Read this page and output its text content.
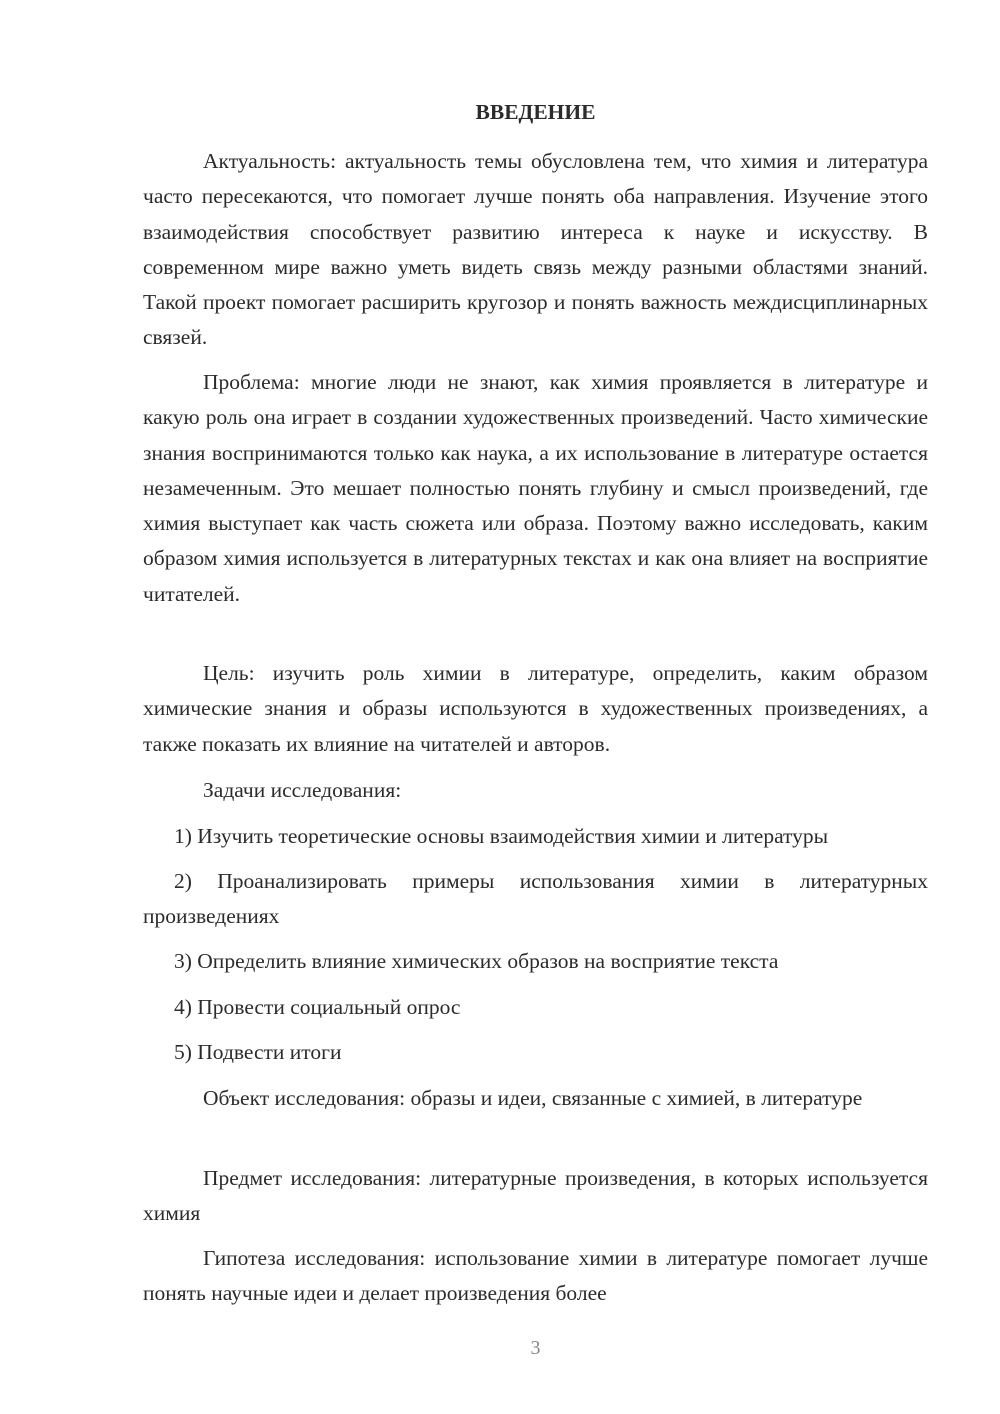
ВВЕДЕНИЕ

Актуальность: актуальность темы обусловлена тем, что химия и литература часто пересекаются, что помогает лучше понять оба направления. Изучение этого взаимодействия способствует развитию интереса к науке и искусству. В современном мире важно уметь видеть связь между разными областями знаний. Такой проект помогает расширить кругозор и понять важность междисциплинарных связей.

Проблема: многие люди не знают, как химия проявляется в литературе и какую роль она играет в создании художественных произведений. Часто химические знания воспринимаются только как наука, а их использование в литературе остается незамеченным. Это мешает полностью понять глубину и смысл произведений, где химия выступает как часть сюжета или образа. Поэтому важно исследовать, каким образом химия используется в литературных текстах и как она влияет на восприятие читателей.

Цель: изучить роль химии в литературе, определить, каким образом химические знания и образы используются в художественных произведениях, а также показать их влияние на читателей и авторов.

Задачи исследования:

1) Изучить теоретические основы взаимодействия химии и литературы

2) Проанализировать примеры использования химии в литературных произведениях

3) Определить влияние химических образов на восприятие текста

4) Провести социальный опрос

5) Подвести итоги

Объект исследования: образы и идеи, связанные с химией, в литературе

Предмет исследования: литературные произведения, в которых используется химия

Гипотеза исследования: использование химии в литературе помогает лучше понять научные идеи и делает произведения более

3
